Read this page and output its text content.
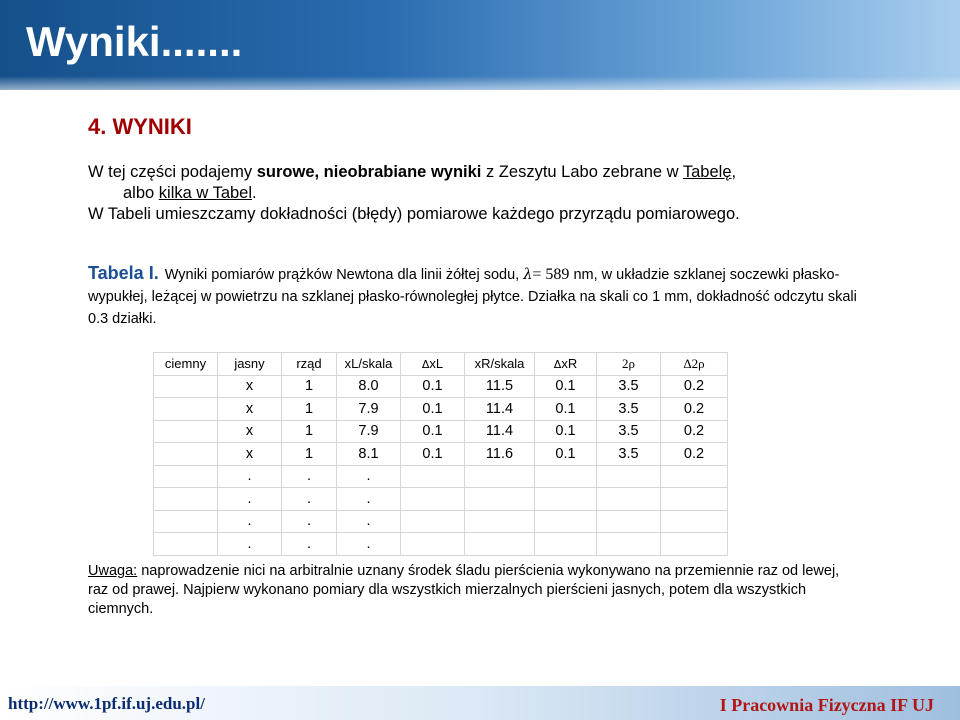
Wyniki.......
4. WYNIKI

W tej części podajemy surowe, nieobrabiane wyniki z Zeszytu Labo zebrane w Tabelę,

albo kilka w Tabel.

W Tabeli umieszczamy dokładności (błędy) pomiarowe każdego przyrządu pomiarowego.

Tabela I. Wyniki pomiarów prążków Newtona dla linii żółtej sodu, λ= 589 nm, w układzie szklanej soczewki płasko-wypukłej, leżącej w powietrzu na szklanej płasko-równoległej płytce. Działka na skali co 1 mm, dokładność odczytu skali 0.3 działki.
ciemny	jasny	rząd	xL/skala	ΔxL	xR/skala	ΔxR	2ρ	Δ2ρ
	x	1	8.0	0.1	11.5	0.1	3.5	0.2
	x	1	7.9	0.1	11.4	0.1	3.5	0.2
	x	1	7.9	0.1	11.4	0.1	3.5	0.2
	x	1	8.1	0.1	11.6	0.1	3.5	0.2
	.	.	.					
	.	.	.					
	.	.	.					
	.	.	.					
Uwaga: naprowadzenie nici na arbitralnie uznany środek śladu pierścienia wykonywano na przemiennie raz od lewej, raz od prawej. Najpierw wykonano pomiary dla wszystkich mierzalnych pierścieni jasnych, potem dla wszystkich ciemnych.
http://www.1pf.if.uj.edu.pl/	I Pracownia Fizyczna IF UJ
